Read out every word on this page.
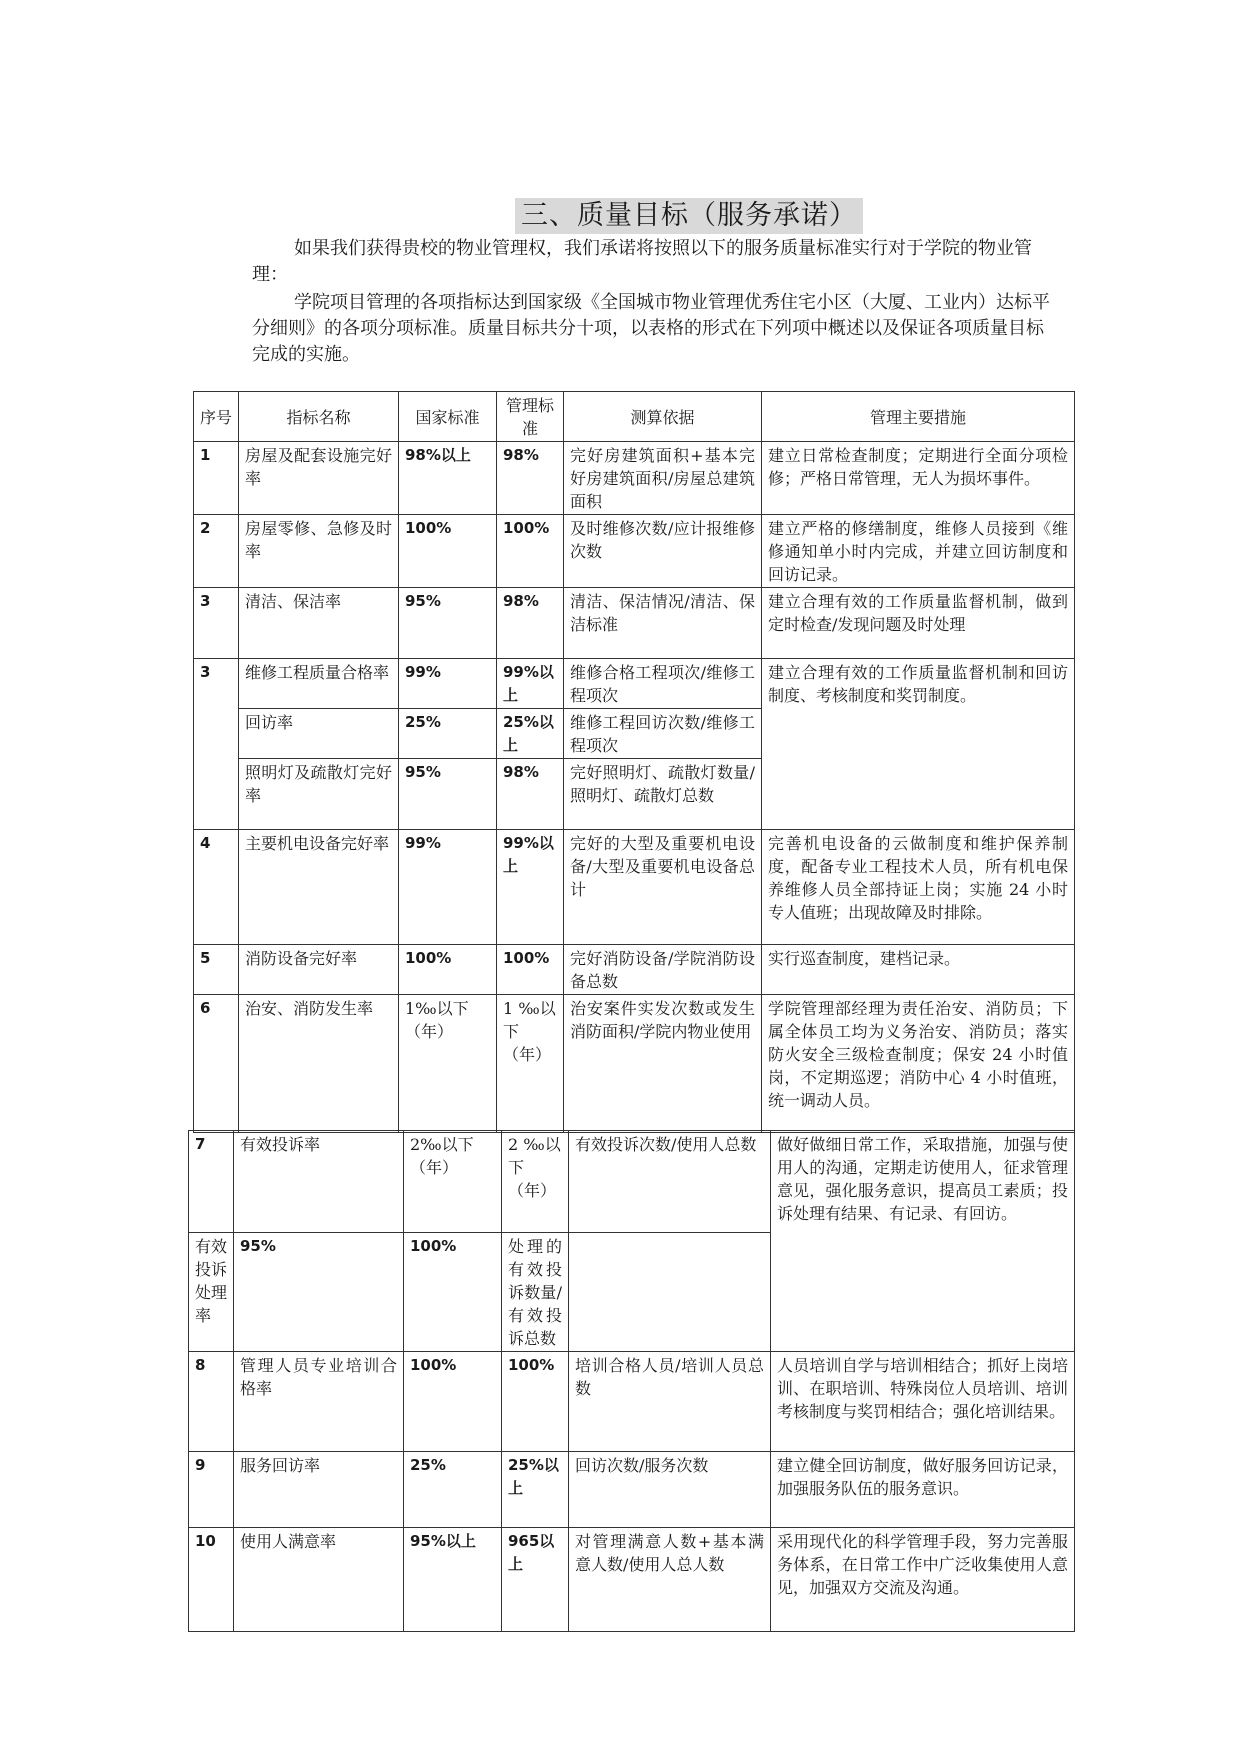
三、质量目标（服务承诺）

如果我们获得贵校的物业管理权，我们承诺将按照以下的服务质量标准实行对于学院的物业管理：

学院项目管理的各项指标达到国家级《全国城市物业管理优秀住宅小区（大厦、工业内）达标平分细则》的各项分项标准。质量目标共分十项，以表格的形式在下列项中概述以及保证各项质量目标完成的实施。

序号	指标名称	国家标准	管理标准	测算依据	管理主要措施
1	房屋及配套设施完好率	98%以上	98%	完好房建筑面积+基本完好房建筑面积/房屋总建筑面积	建立日常检查制度；定期进行全面分项检修；严格日常管理，无人为损坏事件。
2	房屋零修、急修及时率	100%	100%	及时维修次数/应计报维修次数	建立严格的修缮制度，维修人员接到《维修通知单小时内完成，并建立回访制度和回访记录。
3	清洁、保洁率	95%	98%	清洁、保洁情况/清洁、保洁标准	建立合理有效的工作质量监督机制，做到定时检查/发现问题及时处理
3	维修工程质量合格率	99%	99%以上	维修合格工程项次/维修工程项次	建立合理有效的工作质量监督机制和回访制度、考核制度和奖罚制度。
	回访率	25%	25%以上	维修工程回访次数/维修工程项次	
	照明灯及疏散灯完好率	95%	98%	完好照明灯、疏散灯数量/照明灯、疏散灯总数	
4	主要机电设备完好率	99%	99%以上	完好的大型及重要机电设备/大型及重要机电设备总计	完善机电设备的云做制度和维护保养制度，配备专业工程技术人员，所有机电保养维修人员全部持证上岗；实施 24 小时专人值班；出现故障及时排除。
5	消防设备完好率	100%	100%	完好消防设备/学院消防设备总数	实行巡查制度，建档记录。
6	治安、消防发生率	1‰以下（年）	1 ‰以下（年）	治安案件实发次数或发生消防面积/学院内物业使用	学院管理部经理为责任治安、消防员；下属全体员工均为义务治安、消防员；落实防火安全三级检查制度；保安 24 小时值岗，不定期巡逻；消防中心 4 小时值班，统一调动人员。
7	有效投诉率	2‰以下（年）	2 ‰以下（年）	有效投诉次数/使用人总数	做好做细日常工作，采取措施，加强与使用人的沟通，定期走访使用人，征求管理意见，强化服务意识，提高员工素质；投诉处理有结果、有记录、有回访。
有效投诉处理率	95%	100%	处理的有效投诉数量/有效投诉总数		
8	管理人员专业培训合格率	100%	100%	培训合格人员/培训人员总数	人员培训自学与培训相结合；抓好上岗培训、在职培训、特殊岗位人员培训、培训考核制度与奖罚相结合；强化培训结果。
9	服务回访率	25%	25%以上	回访次数/服务次数	建立健全回访制度，做好服务回访记录，加强服务队伍的服务意识。
10	使用人满意率	95%以上	965以上	对管理满意人数+基本满意人数/使用人总人数	采用现代化的科学管理手段，努力完善服务体系，在日常工作中广泛收集使用人意见，加强双方交流及沟通。
